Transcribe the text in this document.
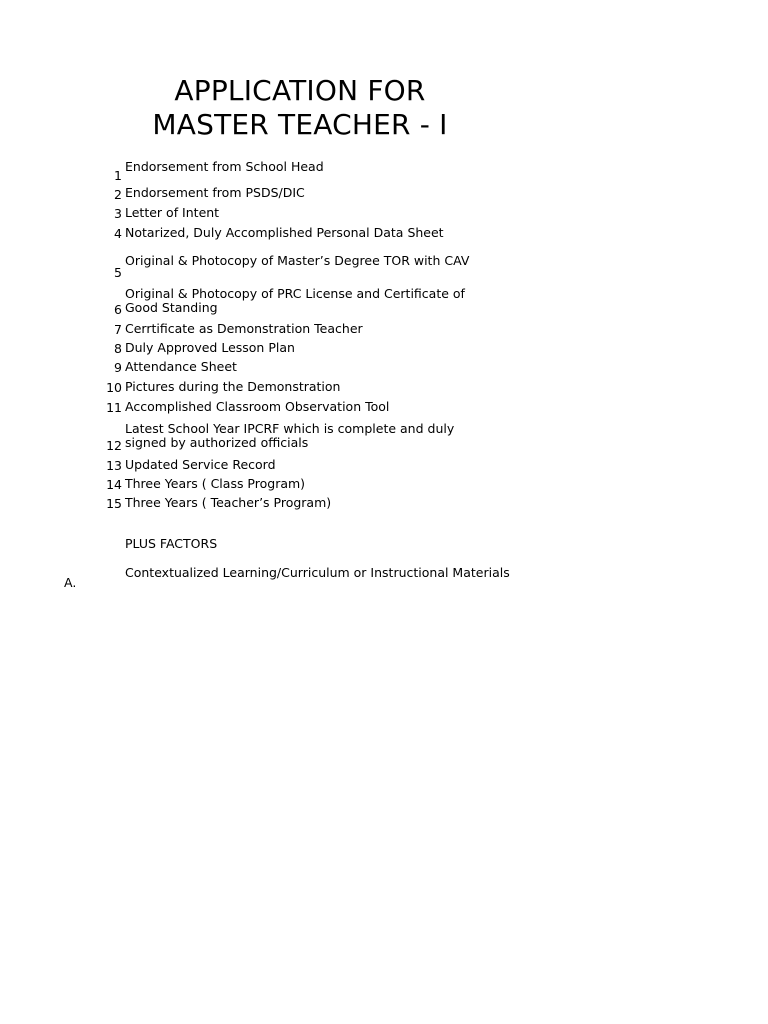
APPLICATION FOR
MASTER TEACHER - I
1
Endorsement from School Head
2 Endorsement from PSDS/DIC
3 Letter of Intent
4 Notarized, Duly Accomplished Personal Data Sheet
5
Original & Photocopy of Master’s Degree TOR with CAV
6
Original & Photocopy of PRC License and Certificate of Good Standing
7 Cerrtificate as Demonstration Teacher
8 Duly Approved Lesson Plan
9 Attendance Sheet
10 Pictures during the Demonstration
11 Accomplished Classroom Observation Tool
12
Latest School Year IPCRF which is complete and duly signed by authorized officials
13 Updated Service Record
14 Three Years ( Class Program)
15 Three Years ( Teacher’s Program)
PLUS FACTORS
Contextualized Learning/Curriculum or Instructional Materials
A.
